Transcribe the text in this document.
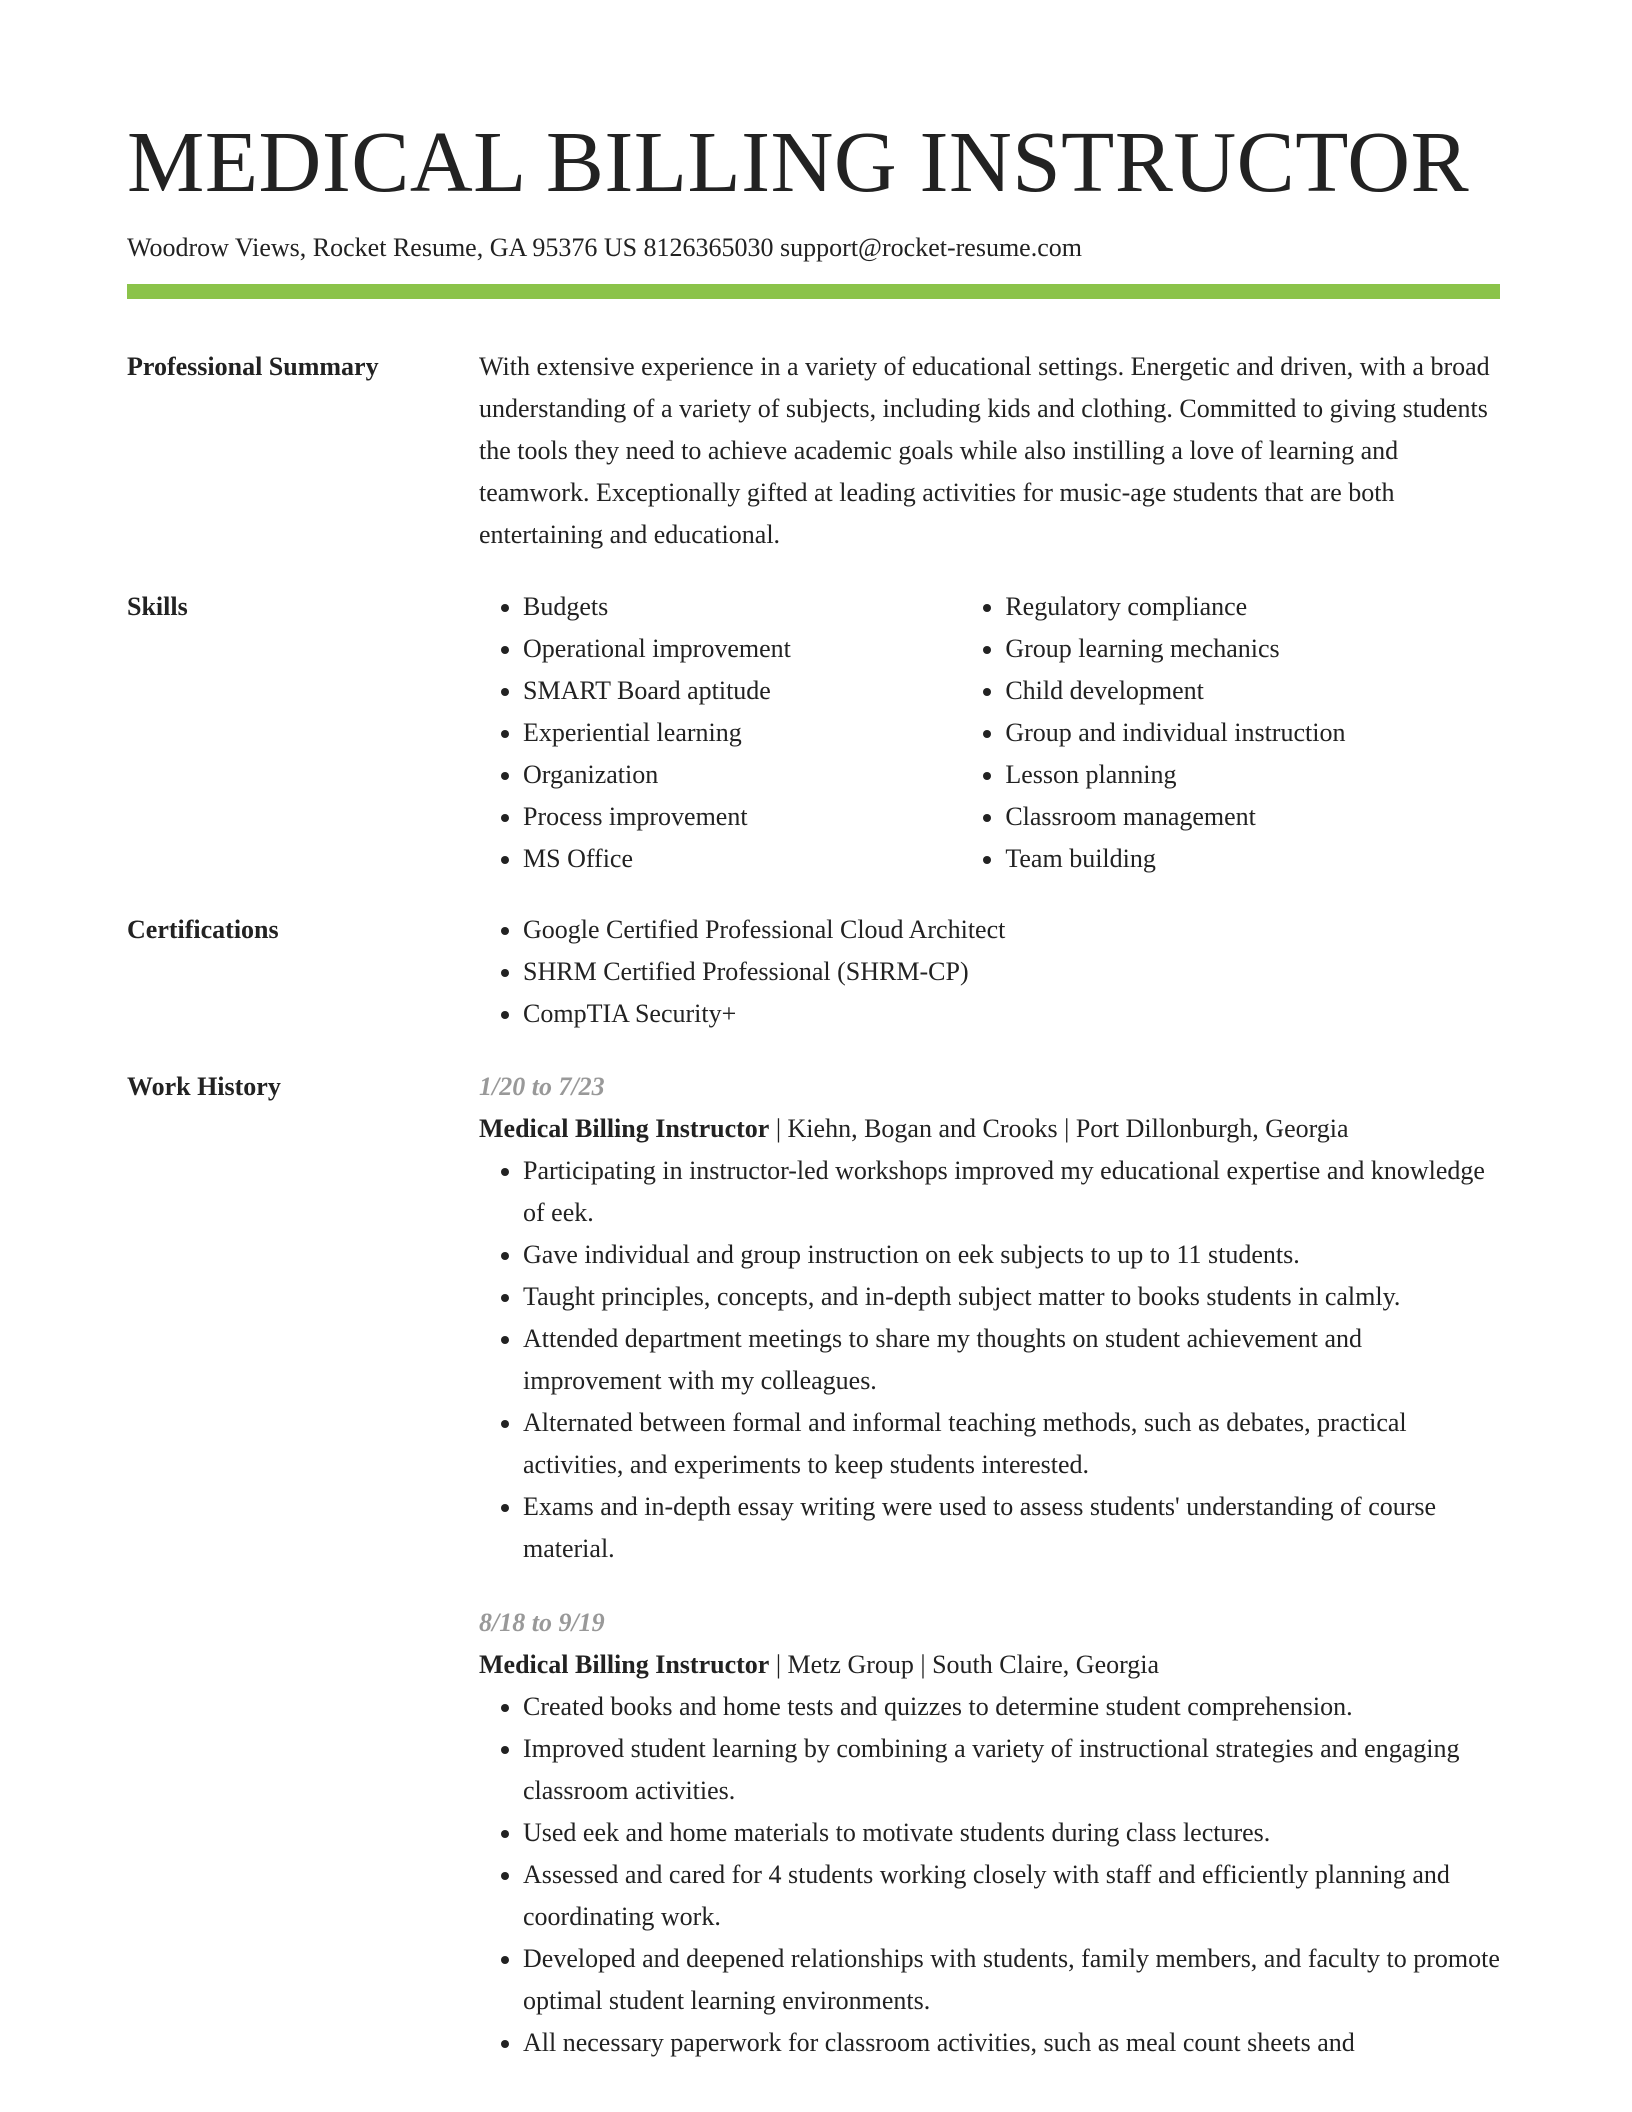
MEDICAL BILLING INSTRUCTOR
Woodrow Views, Rocket Resume, GA 95376 US 8126365030 support@rocket-resume.com
Professional Summary	With extensive experience in a variety of educational settings. Energetic and driven, with a broad understanding of a variety of subjects, including kids and clothing. Committed to giving students the tools they need to achieve academic goals while also instilling a love of learning and teamwork. Exceptionally gifted at leading activities for music-age students that are both entertaining and educational.

Skills	• Budgets
• Operational improvement
• SMART Board aptitude
• Experiential learning
• Organization
• Process improvement
• MS Office
• Regulatory compliance
• Group learning mechanics
• Child development
• Group and individual instruction
• Lesson planning
• Classroom management
• Team building
Certifications	• Google Certified Professional Cloud Architect
• SHRM Certified Professional (SHRM-CP)
• CompTIA Security+
Work History	1/20 to 7/23
Medical Billing Instructor | Kiehn, Bogan and Crooks | Port Dillonburgh, Georgia
• Participating in instructor-led workshops improved my educational expertise and knowledge of eek.
• Gave individual and group instruction on eek subjects to up to 11 students.
• Taught principles, concepts, and in-depth subject matter to books students in calmly.
• Attended department meetings to share my thoughts on student achievement and improvement with my colleagues.
• Alternated between formal and informal teaching methods, such as debates, practical activities, and experiments to keep students interested.
• Exams and in-depth essay writing were used to assess students' understanding of course material.
8/18 to 9/19
Medical Billing Instructor | Metz Group | South Claire, Georgia
• Created books and home tests and quizzes to determine student comprehension.
• Improved student learning by combining a variety of instructional strategies and engaging classroom activities.
• Used eek and home materials to motivate students during class lectures.
• Assessed and cared for 4 students working closely with staff and efficiently planning and coordinating work.
• Developed and deepened relationships with students, family members, and faculty to promote optimal student learning environments.
• All necessary paperwork for classroom activities, such as meal count sheets and
